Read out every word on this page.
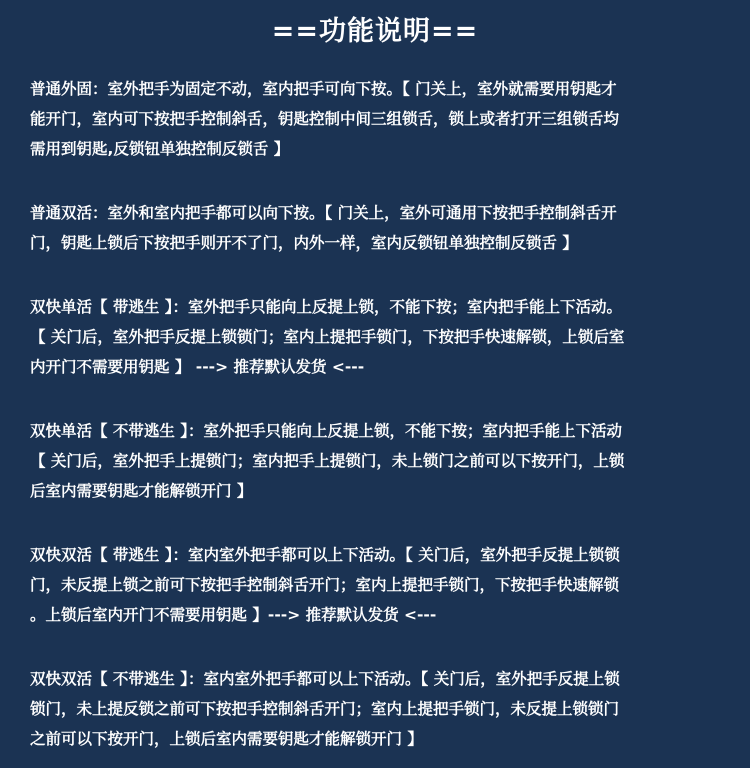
==功能说明==

普通外固：室外把手为固定不动，室内把手可向下按。【 门关上，室外就需要用钥匙才

能开门，室内可下按把手控制斜舌，钥匙控制中间三组锁舌，锁上或者打开三组锁舌均

需用到钥匙,反锁钮单独控制反锁舌 】

普通双活：室外和室内把手都可以向下按。【 门关上，室外可通用下按把手控制斜舌开

门，钥匙上锁后下按把手则开不了门，内外一样，室内反锁钮单独控制反锁舌 】

双快单活【 带逃生 】：室外把手只能向上反提上锁，不能下按；室内把手能上下活动。

【 关门后，室外把手反提上锁锁门；室内上提把手锁门，下按把手快速解锁，上锁后室

内开门不需要用钥匙 】 ---> 推荐默认发货 <---

双快单活【 不带逃生 】：室外把手只能向上反提上锁，不能下按；室内把手能上下活动

【 关门后，室外把手上提锁门；室内把手上提锁门，未上锁门之前可以下按开门，上锁

后室内需要钥匙才能解锁开门 】

双快双活【 带逃生 】：室内室外把手都可以上下活动。【 关门后，室外把手反提上锁锁

门，未反提上锁之前可下按把手控制斜舌开门；室内上提把手锁门，下按把手快速解锁

。上锁后室内开门不需要用钥匙 】---> 推荐默认发货 <---

双快双活【 不带逃生 】：室内室外把手都可以上下活动。【 关门后，室外把手反提上锁

锁门，未上提反锁之前可下按把手控制斜舌开门；室内上提把手锁门，未反提上锁锁门

之前可以下按开门，上锁后室内需要钥匙才能解锁开门 】
